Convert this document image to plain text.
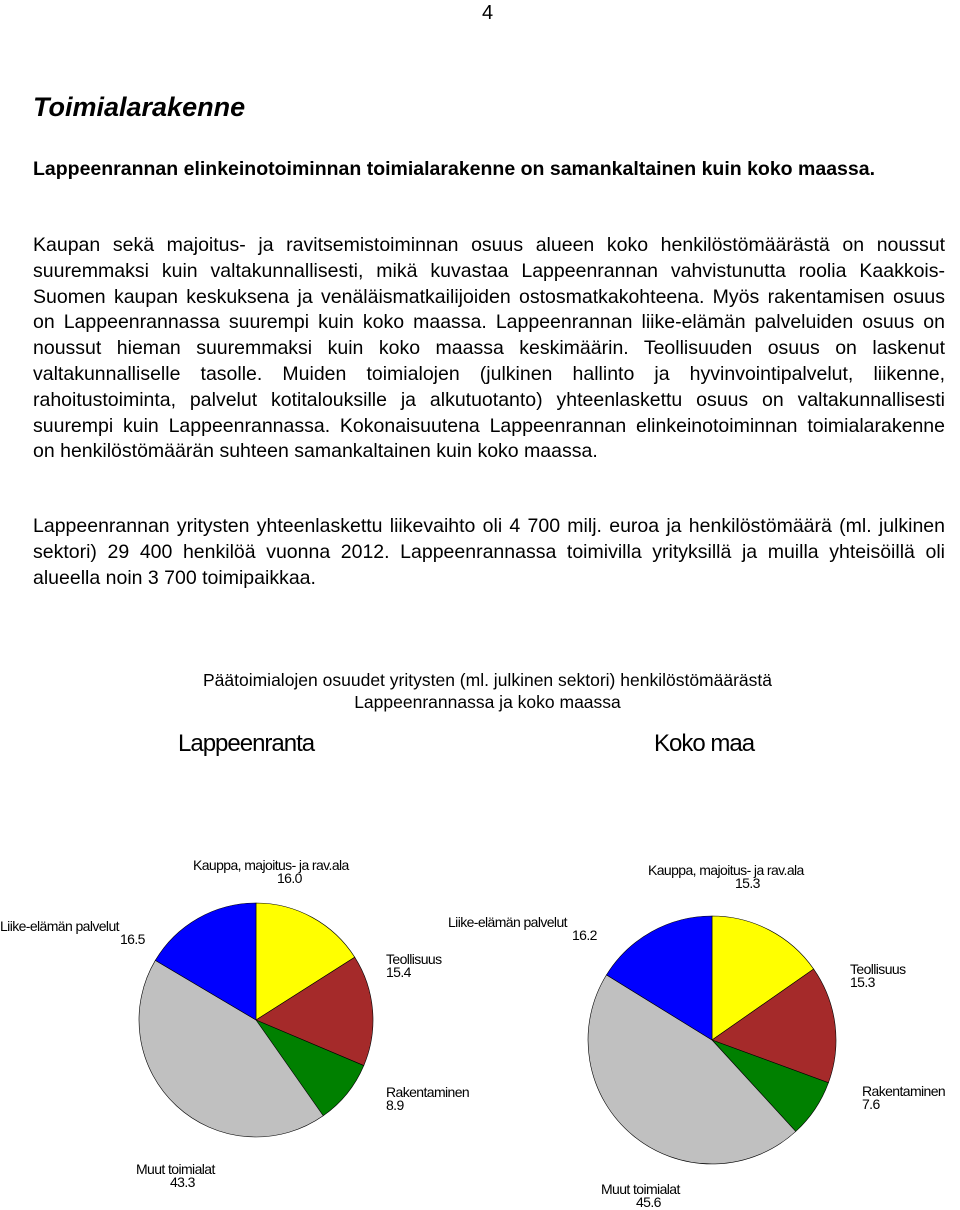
4
Toimialarakenne

Lappeenrannan elinkeinotoiminnan toimialarakenne on samankaltainen kuin koko maassa.

Kaupan sekä majoitus- ja ravitsemistoiminnan osuus alueen koko henkilöstömäärästä on noussut suuremmaksi kuin valtakunnallisesti, mikä kuvastaa Lappeenrannan vahvistunutta roolia Kaakkois-Suomen kaupan keskuksena ja venäläismatkailijoiden ostosmatkakohteena. Myös rakentamisen osuus on Lappeenrannassa suurempi kuin koko maassa. Lappeenrannan liike-elämän palveluiden osuus on noussut hieman suuremmaksi kuin koko maassa keskimäärin. Teollisuuden osuus on laskenut valtakunnalliselle tasolle. Muiden toimialojen (julkinen hallinto ja hyvinvointipalvelut, liikenne, rahoitustoiminta, palvelut kotitalouksille ja alkutuotanto) yhteenlaskettu osuus on valtakunnallisesti suurempi kuin Lappeenrannassa. Kokonaisuutena Lappeenrannan elinkeinotoiminnan toimialarakenne on henkilöstömäärän suhteen samankaltainen kuin koko maassa.

Lappeenrannan yritysten yhteenlaskettu liikevaihto oli 4 700 milj. euroa ja henkilöstömäärä (ml. julkinen sektori) 29 400 henkilöä vuonna 2012. Lappeenrannassa toimivilla yrityksillä ja muilla yhteisöillä oli alueella noin 3 700 toimipaikkaa.

Päätoimialojen osuudet yritysten (ml. julkinen sektori) henkilöstömäärästä
Lappeenrannassa ja koko maassa
Lappeenranta	Koko maa
Kauppa, majoitus- ja rav.ala
16.0
Teollisuus
15.4
Rakentaminen
8.9
Muut toimialat
43.3
Liike-elämän palvelut
16.5
Kauppa, majoitus- ja rav.ala
15.3
Teollisuus
15.3
Rakentaminen
7.6
Muut toimialat
45.6
Liike-elämän palvelut
16.2
